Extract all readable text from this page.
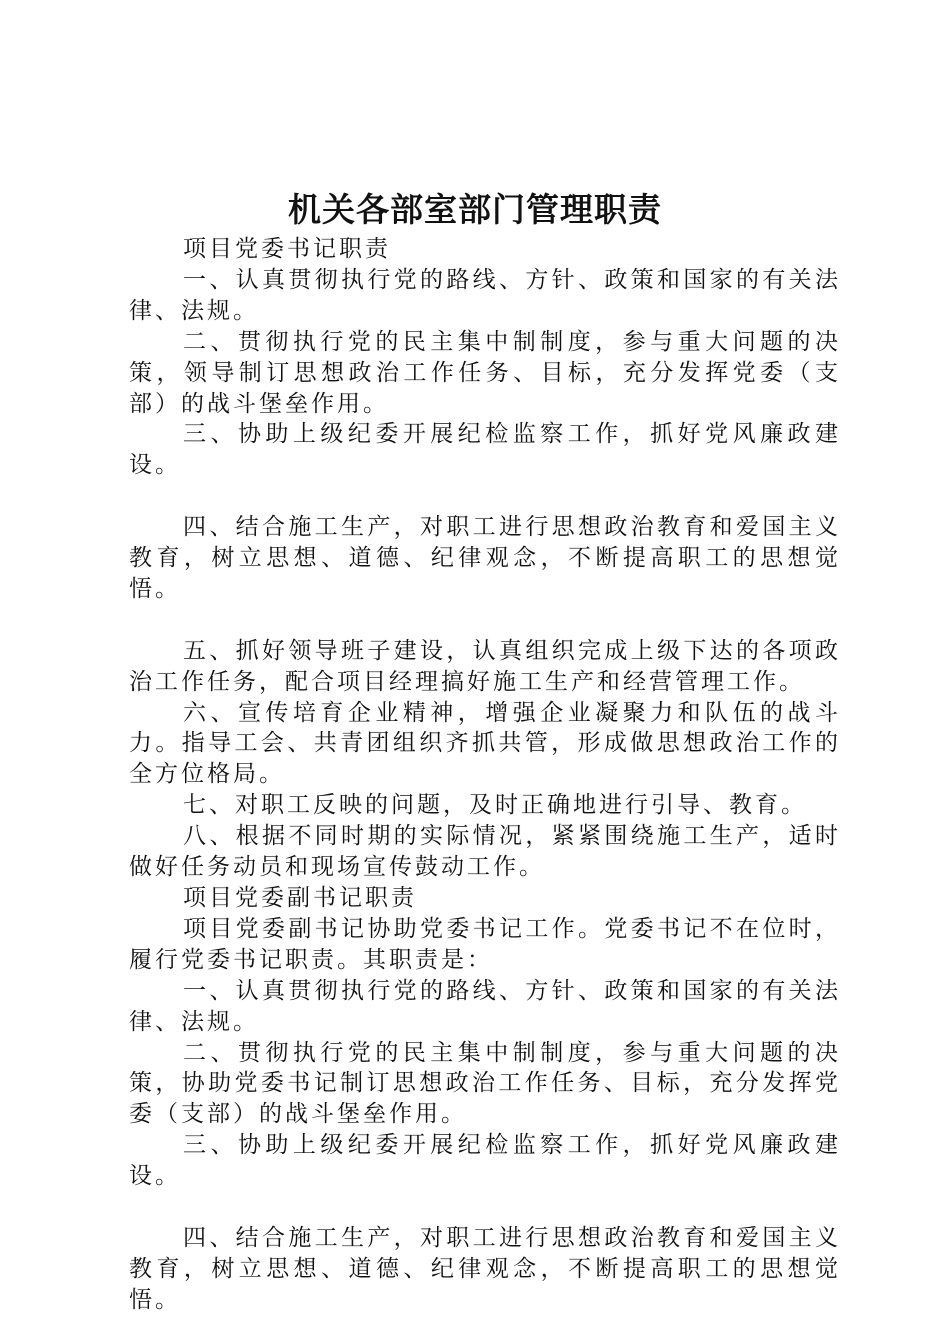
机关各部室部门管理职责

项目党委书记职责

一、认真贯彻执行党的路线、方针、政策和国家的有关法律、法规。

二、贯彻执行党的民主集中制制度，参与重大问题的决策，领导制订思想政治工作任务、目标，充分发挥党委（支部）的战斗堡垒作用。

三、协助上级纪委开展纪检监察工作，抓好党风廉政建设。

四、结合施工生产，对职工进行思想政治教育和爱国主义教育，树立思想、道德、纪律观念，不断提高职工的思想觉悟。

五、抓好领导班子建设，认真组织完成上级下达的各项政治工作任务，配合项目经理搞好施工生产和经营管理工作。

六、宣传培育企业精神，增强企业凝聚力和队伍的战斗力。指导工会、共青团组织齐抓共管，形成做思想政治工作的全方位格局。

七、对职工反映的问题，及时正确地进行引导、教育。

八、根据不同时期的实际情况，紧紧围绕施工生产，适时做好任务动员和现场宣传鼓动工作。

项目党委副书记职责

项目党委副书记协助党委书记工作。党委书记不在位时，履行党委书记职责。其职责是：

一、认真贯彻执行党的路线、方针、政策和国家的有关法律、法规。

二、贯彻执行党的民主集中制制度，参与重大问题的决策，协助党委书记制订思想政治工作任务、目标，充分发挥党委（支部）的战斗堡垒作用。

三、协助上级纪委开展纪检监察工作，抓好党风廉政建设。

四、结合施工生产，对职工进行思想政治教育和爱国主义教育，树立思想、道德、纪律观念，不断提高职工的思想觉悟。
